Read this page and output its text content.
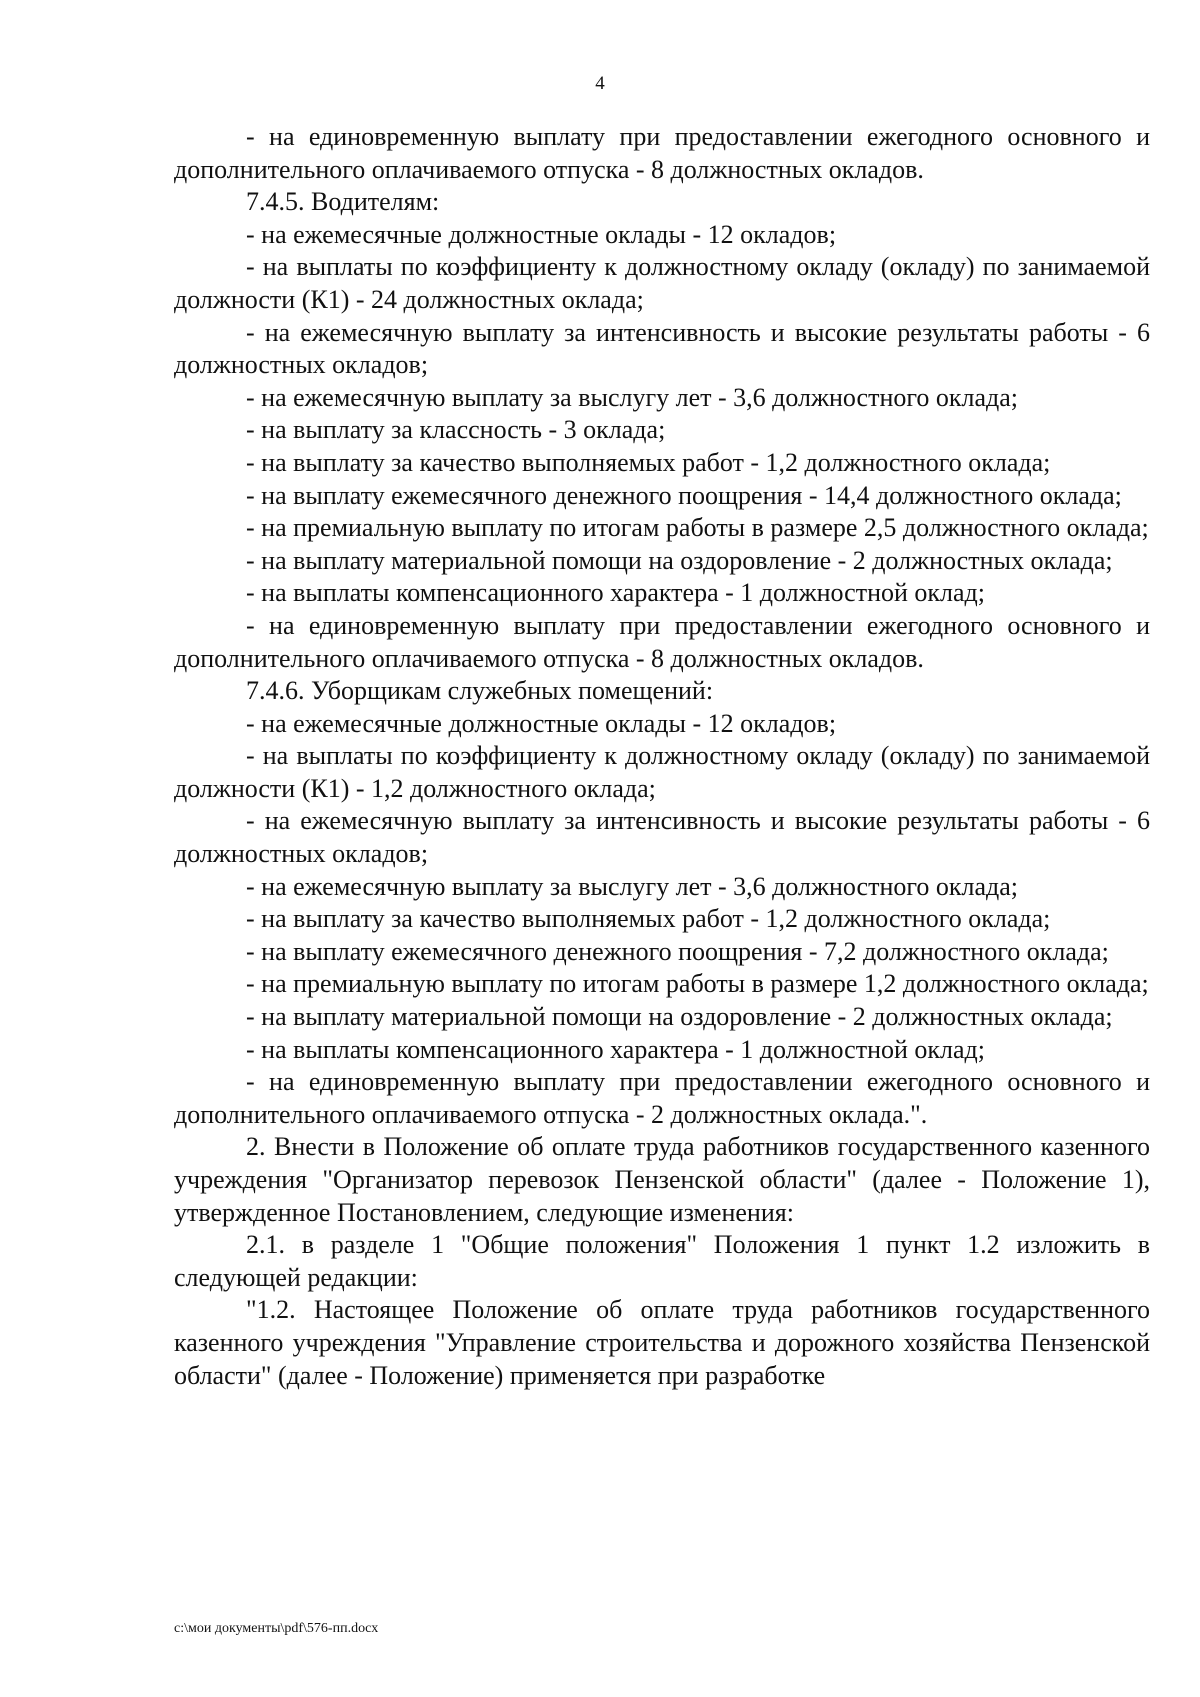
4

- на единовременную выплату при предоставлении ежегодного основного и дополнительного оплачиваемого отпуска - 8 должностных окладов.

7.4.5. Водителям:

- на ежемесячные должностные оклады - 12 окладов;

- на выплаты по коэффициенту к должностному окладу (окладу) по занимаемой должности (К1) - 24 должностных оклада;

- на ежемесячную выплату за интенсивность и высокие результаты работы - 6 должностных окладов;

- на ежемесячную выплату за выслугу лет - 3,6 должностного оклада;

- на выплату за классность - 3 оклада;

- на выплату за качество выполняемых работ - 1,2 должностного оклада;

- на выплату ежемесячного денежного поощрения - 14,4 должностного оклада;

- на премиальную выплату по итогам работы в размере 2,5 должностного оклада;

- на выплату материальной помощи на оздоровление - 2 должностных оклада;

- на выплаты компенсационного характера - 1 должностной оклад;

- на единовременную выплату при предоставлении ежегодного основного и дополнительного оплачиваемого отпуска - 8 должностных окладов.

7.4.6. Уборщикам служебных помещений:

- на ежемесячные должностные оклады - 12 окладов;

- на выплаты по коэффициенту к должностному окладу (окладу) по занимаемой должности (К1) - 1,2 должностного оклада;

- на ежемесячную выплату за интенсивность и высокие результаты работы - 6 должностных окладов;

- на ежемесячную выплату за выслугу лет - 3,6 должностного оклада;

- на выплату за качество выполняемых работ - 1,2 должностного оклада;

- на выплату ежемесячного денежного поощрения - 7,2 должностного оклада;

- на премиальную выплату по итогам работы в размере 1,2 должностного оклада;

- на выплату материальной помощи на оздоровление - 2 должностных оклада;

- на выплаты компенсационного характера - 1 должностной оклад;

- на единовременную выплату при предоставлении ежегодного основного и дополнительного оплачиваемого отпуска - 2 должностных оклада.".

2. Внести в Положение об оплате труда работников государственного казенного учреждения "Организатор перевозок Пензенской области" (далее - Положение 1), утвержденное Постановлением, следующие изменения:

2.1. в разделе 1 "Общие положения" Положения 1 пункт 1.2 изложить в следующей редакции:

"1.2. Настоящее Положение об оплате труда работников государственного казенного учреждения "Управление строительства и дорожного хозяйства Пензенской области" (далее - Положение) применяется при разработке

c:\мои документы\pdf\576-пп.docx
